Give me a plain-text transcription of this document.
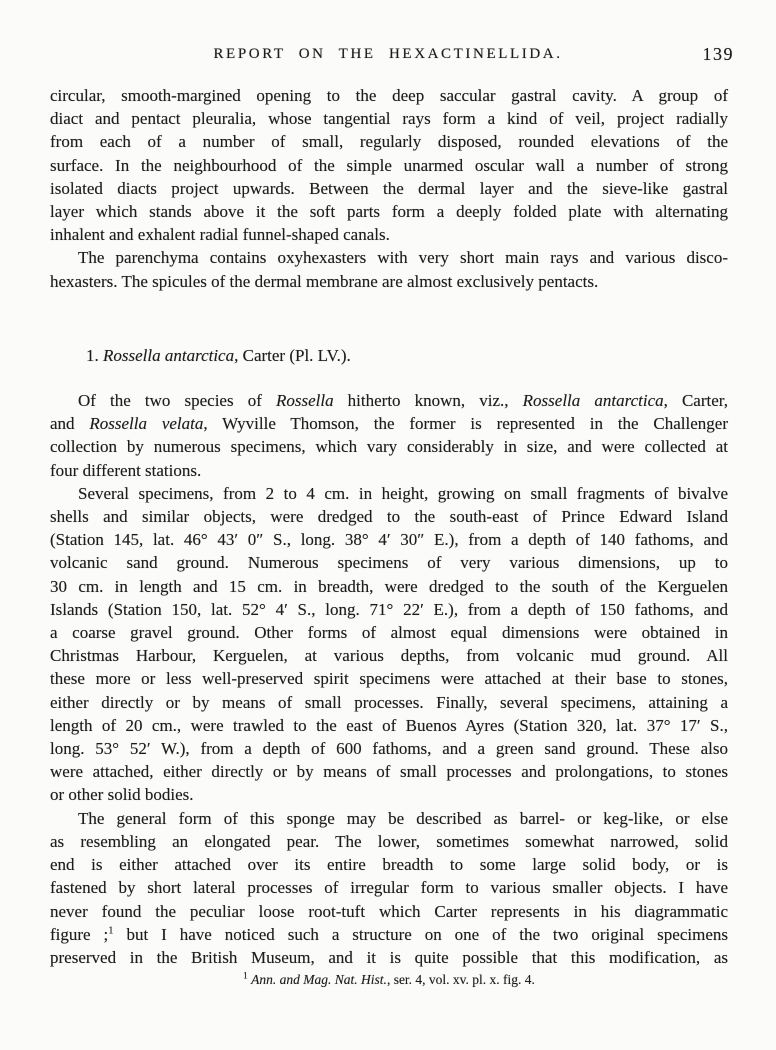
REPORT ON THE HEXACTINELLIDA.	139
circular, smooth-margined opening to the deep saccular gastral cavity. A group of
diact and pentact pleuralia, whose tangential rays form a kind of veil, project radially
from each of a number of small, regularly disposed, rounded elevations of the
surface. In the neighbourhood of the simple unarmed oscular wall a number of strong
isolated diacts project upwards. Between the dermal layer and the sieve-like gastral
layer which stands above it the soft parts form a deeply folded plate with alternating
inhalent and exhalent radial funnel-shaped canals.
The parenchyma contains oxyhexasters with very short main rays and various disco-
hexasters. The spicules of the dermal membrane are almost exclusively pentacts.
1. Rossella antarctica, Carter (Pl. LV.).
Of the two species of Rossella hitherto known, viz., Rossella antarctica, Carter,
and Rossella velata, Wyville Thomson, the former is represented in the Challenger
collection by numerous specimens, which vary considerably in size, and were collected at
four different stations.
Several specimens, from 2 to 4 cm. in height, growing on small fragments of bivalve
shells and similar objects, were dredged to the south-east of Prince Edward Island
(Station 145, lat. 46° 43′ 0″ S., long. 38° 4′ 30″ E.), from a depth of 140 fathoms, and
volcanic sand ground. Numerous specimens of very various dimensions, up to
30 cm. in length and 15 cm. in breadth, were dredged to the south of the Kerguelen
Islands (Station 150, lat. 52° 4′ S., long. 71° 22′ E.), from a depth of 150 fathoms, and
a coarse gravel ground. Other forms of almost equal dimensions were obtained in
Christmas Harbour, Kerguelen, at various depths, from volcanic mud ground. All
these more or less well-preserved spirit specimens were attached at their base to stones,
either directly or by means of small processes. Finally, several specimens, attaining a
length of 20 cm., were trawled to the east of Buenos Ayres (Station 320, lat. 37° 17′ S.,
long. 53° 52′ W.), from a depth of 600 fathoms, and a green sand ground. These also
were attached, either directly or by means of small processes and prolongations, to stones
or other solid bodies.
The general form of this sponge may be described as barrel- or keg-like, or else
as resembling an elongated pear. The lower, sometimes somewhat narrowed, solid
end is either attached over its entire breadth to some large solid body, or is
fastened by short lateral processes of irregular form to various smaller objects. I have
never found the peculiar loose root-tuft which Carter represents in his diagrammatic
figure ;$^1$ but I have noticed such a structure on one of the two original specimens
preserved in the British Museum, and it is quite possible that this modification, as
$^1$ Ann. and Mag. Nat. Hist., ser. 4, vol. xv. pl. x. fig. 4.
